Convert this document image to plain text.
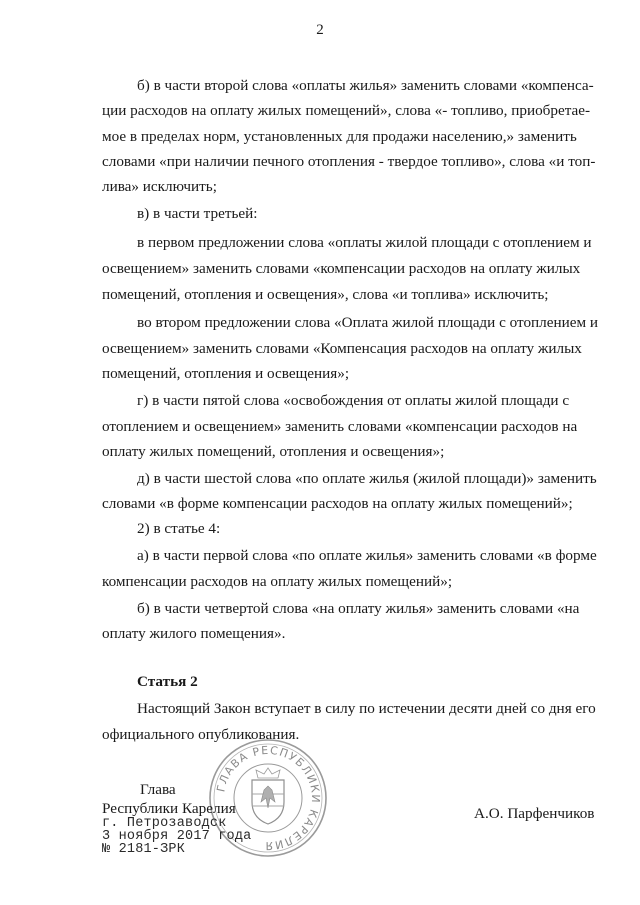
2
б) в части второй слова «оплаты жилья» заменить словами «компенса-
ции расходов на оплату жилых помещений», слова «- топливо, приобретае-
мое в пределах норм, установленных для продажи населению,» заменить
словами «при наличии печного отопления - твердое топливо», слова «и топ-
лива» исключить;
в) в части третьей:
в первом предложении слова «оплаты жилой площади с отоплением и
освещением» заменить словами «компенсации расходов на оплату жилых
помещений, отопления и освещения», слова «и топлива» исключить;
во втором предложении слова «Оплата жилой площади с отоплением и
освещением» заменить словами «Компенсация расходов на оплату жилых
помещений, отопления и освещения»;
г) в части пятой слова «освобождения от оплаты жилой площади с
отоплением и освещением» заменить словами «компенсации расходов на
оплату жилых помещений, отопления и освещения»;
д) в части шестой слова «по оплате жилья (жилой площади)» заменить
словами «в форме компенсации расходов на оплату жилых помещений»;
2) в статье 4:
а) в части первой слова «по оплате жилья» заменить словами «в форме
компенсации расходов на оплату жилых помещений»;
б) в части четвертой слова «на оплату жилья» заменить словами «на
оплату жилого помещения».
Статья 2
Настоящий Закон вступает в силу по истечении десяти дней со дня его
официального опубликования.
ГЛАВА РЕСПУБЛИКИ КАРЕЛИЯ
Глава
Республики Карелия	А.О. Парфенчиков
г. Петрозаводск
3 ноября 2017 года
№ 2181-ЗРК
